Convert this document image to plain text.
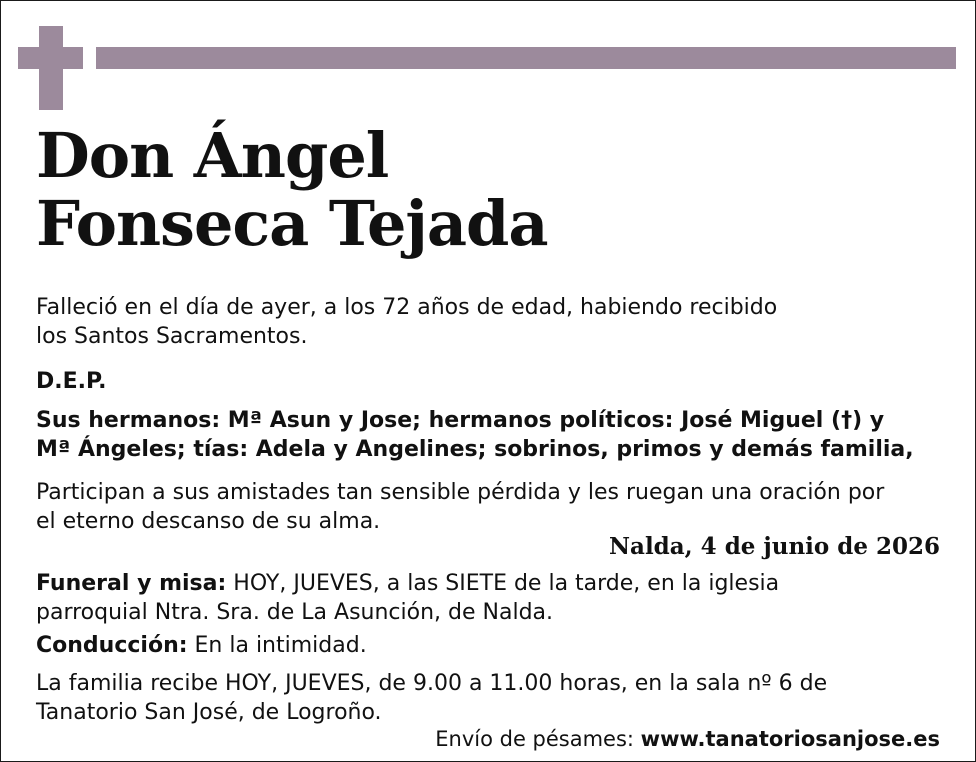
Don Ángel
Fonseca Tejada

Falleció en el día de ayer, a los 72 años de edad, habiendo recibido
los Santos Sacramentos.

D.E.P.

Sus hermanos: Mª Asun y Jose; hermanos políticos: José Miguel (†) y
Mª Ángeles; tías: Adela y Angelines; sobrinos, primos y demás familia,

Participan a sus amistades tan sensible pérdida y les ruegan una oración por
el eterno descanso de su alma.

Nalda, 4 de junio de 2026

Funeral y misa: HOY, JUEVES, a las SIETE de la tarde, en la iglesia
parroquial Ntra. Sra. de La Asunción, de Nalda.

Conducción: En la intimidad.

La familia recibe HOY, JUEVES, de 9.00 a 11.00 horas, en la sala nº 6 de
Tanatorio San José, de Logroño.

Envío de pésames: www.tanatoriosanjose.es
